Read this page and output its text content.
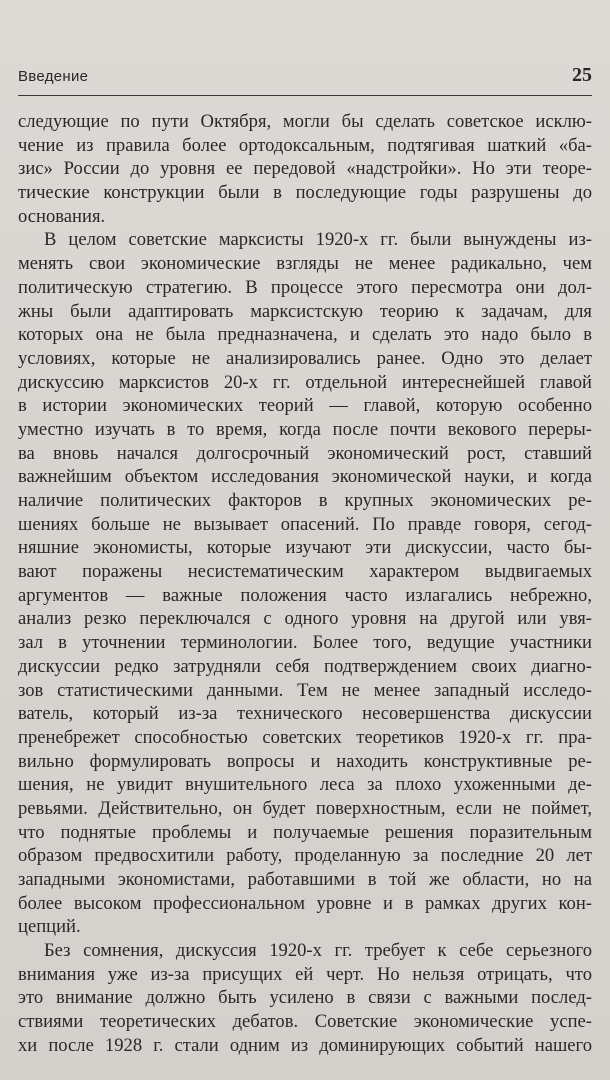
Введение	25
следующие по пути Октября, могли бы сделать советское исклю-
чение из правила более ортодоксальным, подтягивая шаткий «ба-
зис» России до уровня ее передовой «надстройки». Но эти теоре-
тические конструкции были в последующие годы разрушены до
основания.
В целом советские марксисты 1920-х гг. были вынуждены из-
менять свои экономические взгляды не менее радикально, чем
политическую стратегию. В процессе этого пересмотра они дол-
жны были адаптировать марксистскую теорию к задачам, для
которых она не была предназначена, и сделать это надо было в
условиях, которые не анализировались ранее. Одно это делает
дискуссию марксистов 20-х гг. отдельной интереснейшей главой
в истории экономических теорий — главой, которую особенно
уместно изучать в то время, когда после почти векового переры-
ва вновь начался долгосрочный экономический рост, ставший
важнейшим объектом исследования экономической науки, и когда
наличие политических факторов в крупных экономических ре-
шениях больше не вызывает опасений. По правде говоря, сегод-
няшние экономисты, которые изучают эти дискуссии, часто бы-
вают поражены несистематическим характером выдвигаемых
аргументов — важные положения часто излагались небрежно,
анализ резко переключался с одного уровня на другой или увя-
зал в уточнении терминологии. Более того, ведущие участники
дискуссии редко затрудняли себя подтверждением своих диагно-
зов статистическими данными. Тем не менее западный исследо-
ватель, который из-за технического несовершенства дискуссии
пренебрежет способностью советских теоретиков 1920-х гг. пра-
вильно формулировать вопросы и находить конструктивные ре-
шения, не увидит внушительного леса за плохо ухоженными де-
ревьями. Действительно, он будет поверхностным, если не поймет,
что поднятые проблемы и получаемые решения поразительным
образом предвосхитили работу, проделанную за последние 20 лет
западными экономистами, работавшими в той же области, но на
более высоком профессиональном уровне и в рамках других кон-
цепций.
Без сомнения, дискуссия 1920-х гг. требует к себе серьезного
внимания уже из-за присущих ей черт. Но нельзя отрицать, что
это внимание должно быть усилено в связи с важными послед-
ствиями теоретических дебатов. Советские экономические успе-
хи после 1928 г. стали одним из доминирующих событий нашего
